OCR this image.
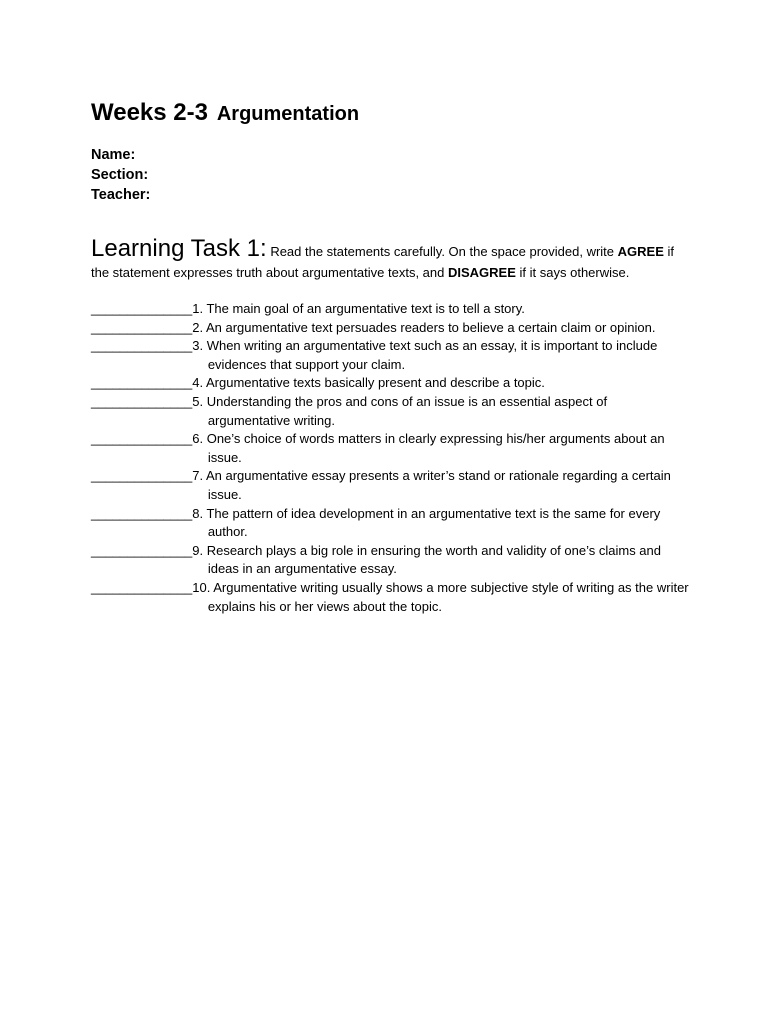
Weeks 2-3 Argumentation
Name:
Section:
Teacher:
Learning Task 1: Read the statements carefully. On the space provided, write AGREE if the statement expresses truth about argumentative texts, and DISAGREE if it says otherwise.
______________ 1. The main goal of an argumentative text is to tell a story.
______________ 2. An argumentative text persuades readers to believe a certain claim or opinion.
______________ 3. When writing an argumentative text such as an essay, it is important to include evidences that support your claim.
______________ 4. Argumentative texts basically present and describe a topic.
______________ 5. Understanding the pros and cons of an issue is an essential aspect of argumentative writing.
______________ 6. One’s choice of words matters in clearly expressing his/her arguments about an issue.
______________ 7. An argumentative essay presents a writer’s stand or rationale regarding a certain issue.
______________ 8. The pattern of idea development in an argumentative text is the same for every author.
______________ 9. Research plays a big role in ensuring the worth and validity of one’s claims and ideas in an argumentative essay.
______________ 10. Argumentative writing usually shows a more subjective style of writing as the writer explains his or her views about the topic.
